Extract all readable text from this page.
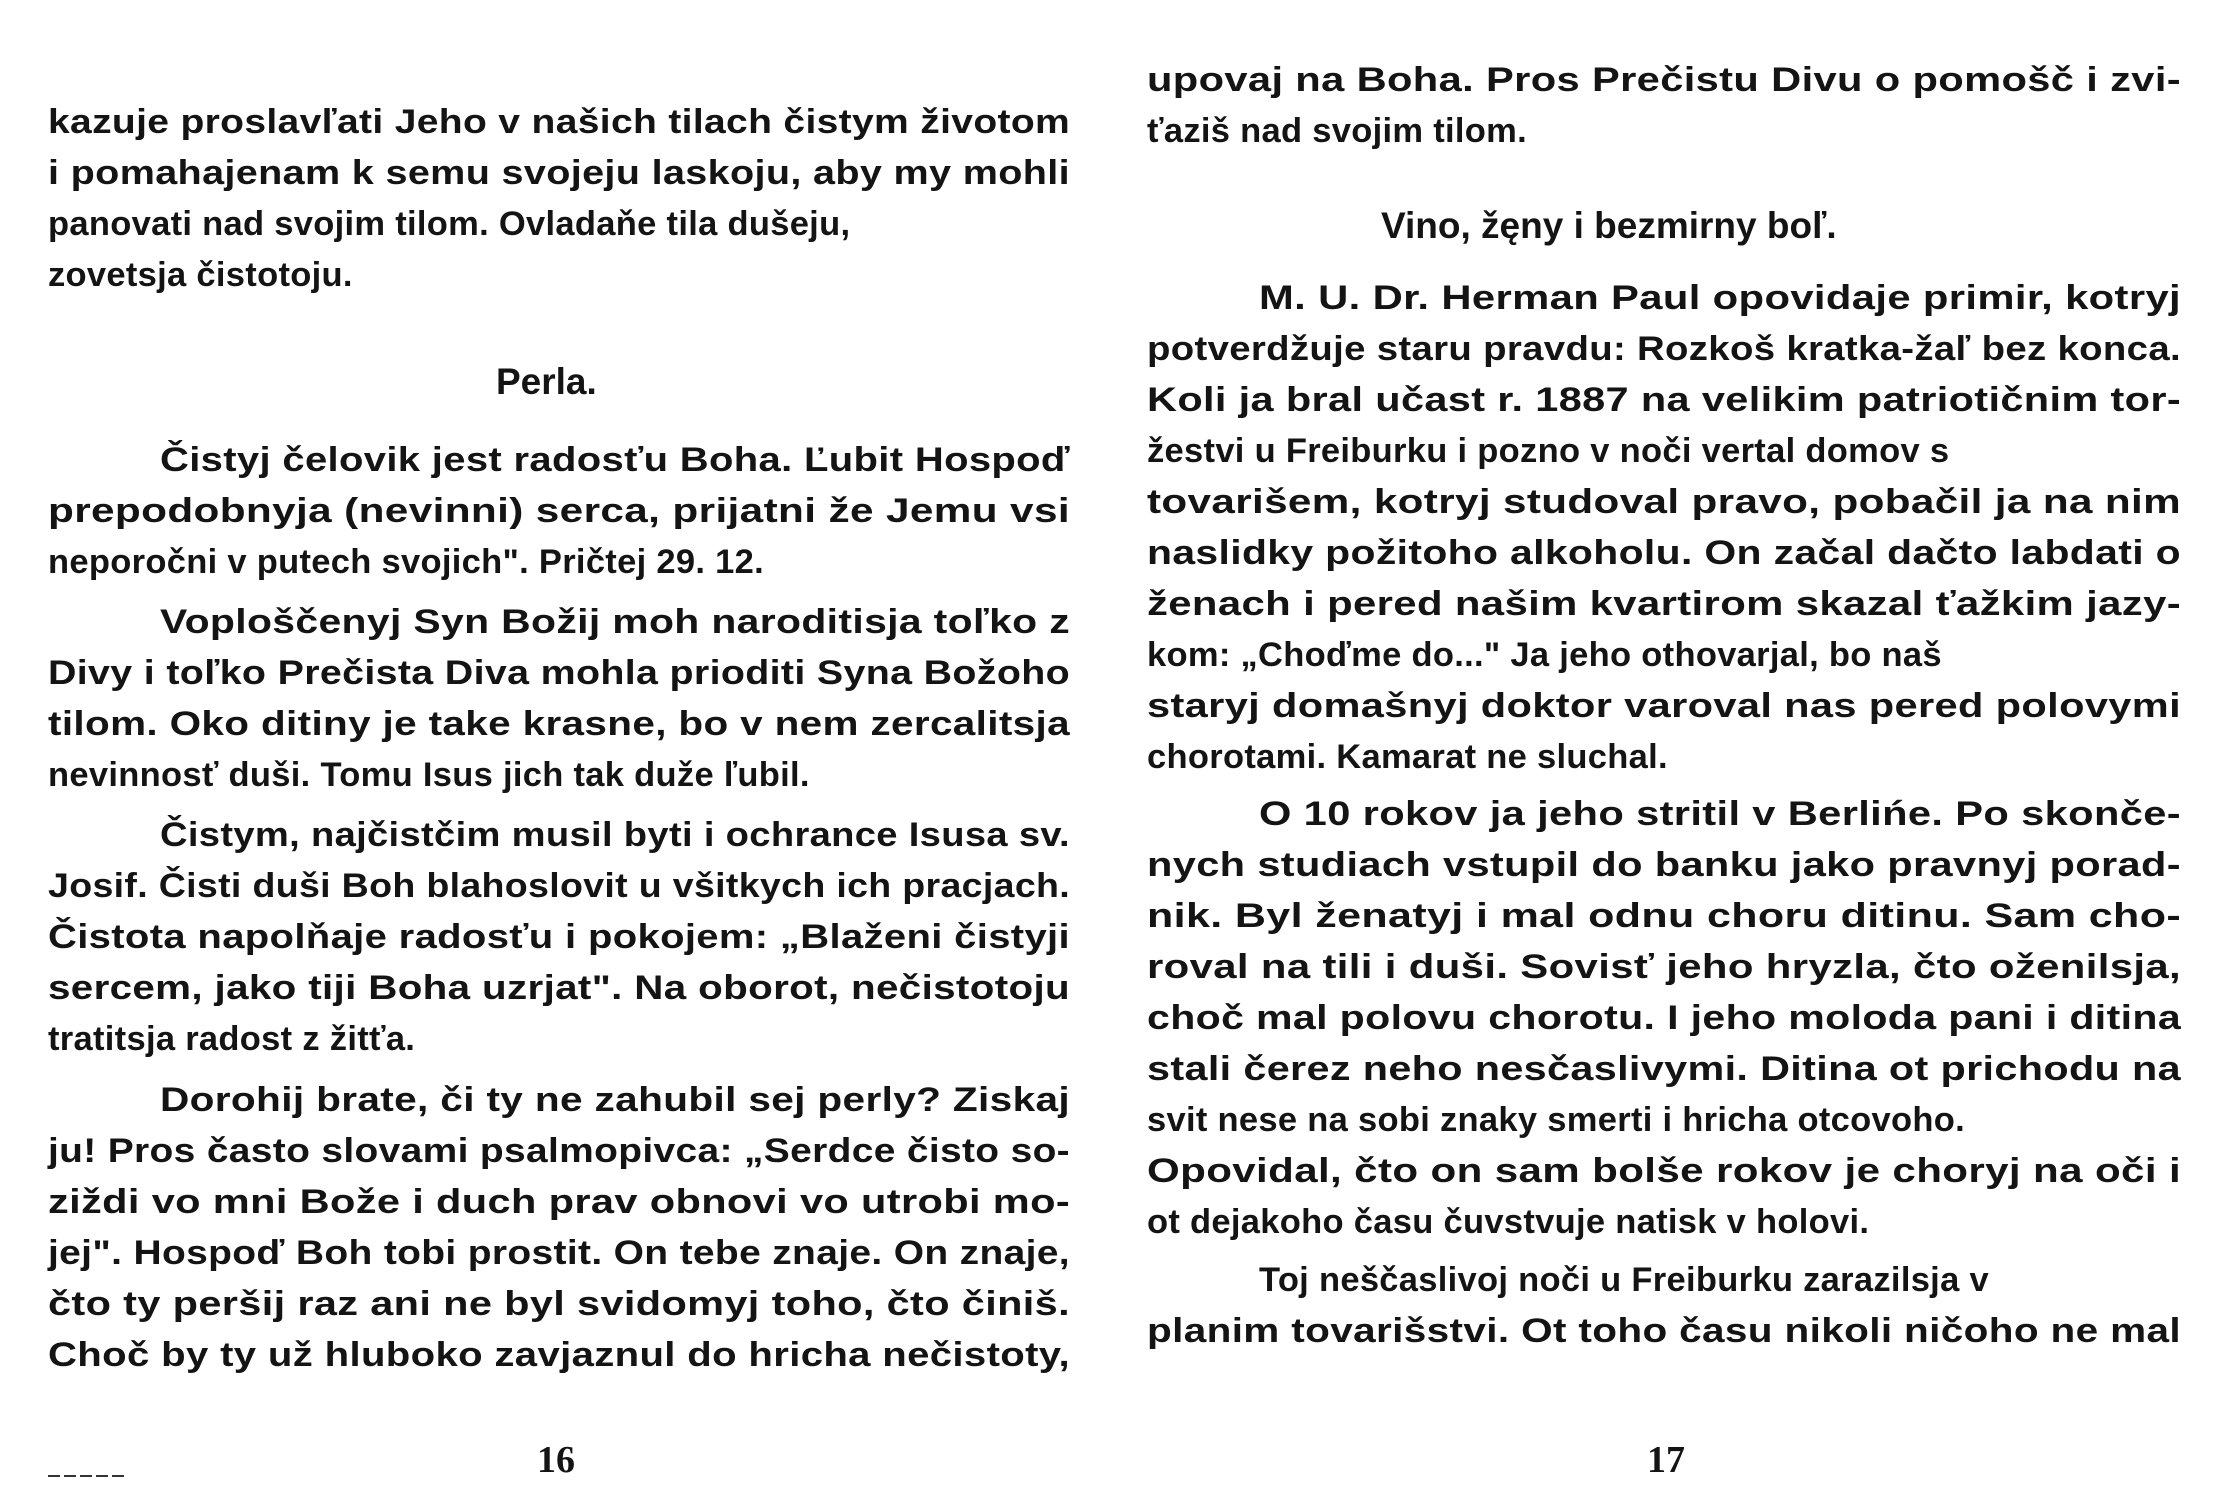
kazuje proslavľati Jeho v našich tilach čistym životom

i pomahajenam k semu svojeju laskoju, aby my mohli

panovati nad svojim tilom. Ovladaňe tila dušeju,

zovetsja čistotoju.

Perla.

Čistyj čelovik jest radosťu Boha. Ľubit Hospoď

prepodobnyja (nevinni) serca, prijatni že Jemu vsi

neporočni v putech svojich". Pričtej 29. 12.

Voploščenyj Syn Božij moh naroditisja toľko z

Divy i toľko Prečista Diva mohla prioditi Syna Božoho

tilom. Oko ditiny je take krasne, bo v nem zercalitsja

nevinnosť duši. Tomu Isus jich tak duže ľubil.

Čistym, najčistčim musil byti i ochrance Isusa sv.

Josif. Čisti duši Boh blahoslovit u všitkych ich pracjach.

Čistota napolňaje radosťu i pokojem: „Blaženi čistyji

sercem, jako tiji Boha uzrjat". Na oborot, nečistotoju

tratitsja radost z žitťa.

Dorohij brate, či ty ne zahubil sej perly? Ziskaj

ju! Pros často slovami psalmopivca: „Serdce čisto so-

ziždi vo mni Bože i duch prav obnovi vo utrobi mo-

jej". Hospoď Boh tobi prostit. On tebe znaje. On znaje,

čto ty peršij raz ani ne byl svidomyj toho, čto činiš.

Choč by ty už hluboko zavjaznul do hricha nečistoty,

16

upovaj na Boha. Pros Prečistu Divu o pomošč i zvi-

ťaziš nad svojim tilom.

Vino, žęny i bezmirny boľ.

M. U. Dr. Herman Paul opovidaje primir, kotryj

potverdžuje staru pravdu: Rozkoš kratka-žaľ bez konca.

Koli ja bral učast r. 1887 na velikim patriotičnim tor-

žestvi u Freiburku i pozno v noči vertal domov s

tovarišem, kotryj studoval pravo, pobačil ja na nim

naslidky požitoho alkoholu. On začal dačto labdati o

ženach i pered našim kvartirom skazal ťažkim jazy-

kom: „Choďme do..." Ja jeho othovarjal, bo naš

staryj domašnyj doktor varoval nas pered polovymi

chorotami. Kamarat ne sluchal.

O 10 rokov ja jeho stritil v Berlińe. Po skonče-

nych studiach vstupil do banku jako pravnyj porad-

nik. Byl ženatyj i mal odnu choru ditinu. Sam cho-

roval na tili i duši. Sovisť jeho hryzla, čto oženilsja,

choč mal polovu chorotu. I jeho moloda pani i ditina

stali čerez neho nesčaslivymi. Ditina ot prichodu na

svit nese na sobi znaky smerti i hricha otcovoho.

Opovidal, čto on sam bolše rokov je choryj na oči i

ot dejakoho času čuvstvuje natisk v holovi.

Toj neščaslivoj noči u Freiburku zarazilsja v

planim tovarišstvi. Ot toho času nikoli ničoho ne mal

17
